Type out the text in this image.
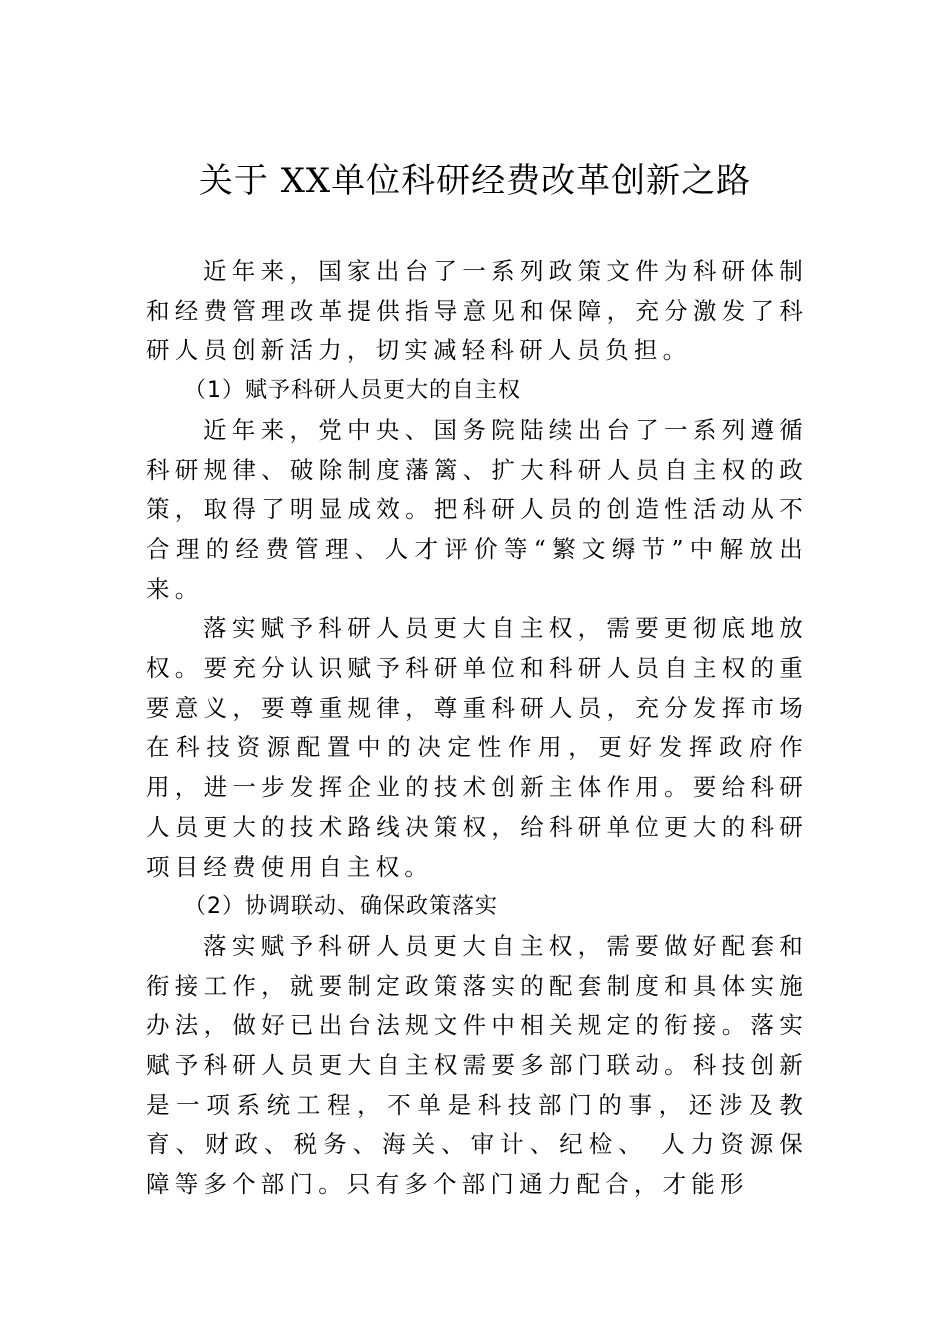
关于 XX单位科研经费改革创新之路

近年来，国家出台了一系列政策文件为科研体制和经费管理改革提供指导意见和保障，充分激发了科研人员创新活力，切实减轻科研人员负担。

（1）赋予科研人员更大的自主权

近年来，党中央、国务院陆续出台了一系列遵循科研规律、破除制度藩篱、扩大科研人员自主权的政策，取得了明显成效。把科研人员的创造性活动从不合理的经费管理、人才评价等“繁文缛节”中解放出来。

落实赋予科研人员更大自主权，需要更彻底地放权。要充分认识赋予科研单位和科研人员自主权的重要意义，要尊重规律，尊重科研人员，充分发挥市场在科技资源配置中的决定性作用，更好发挥政府作用，进一步发挥企业的技术创新主体作用。要给科研人员更大的技术路线决策权，给科研单位更大的科研项目经费使用自主权。

（2）协调联动、确保政策落实

落实赋予科研人员更大自主权，需要做好配套和衔接工作，就要制定政策落实的配套制度和具体实施办法，做好已出台法规文件中相关规定的衔接。落实赋予科研人员更大自主权需要多部门联动。科技创新是一项系统工程，不单是科技部门的事，还涉及教育、财政、税务、海关、审计、纪检、 人力资源保障等多个部门。只有多个部门通力配合，才能形
